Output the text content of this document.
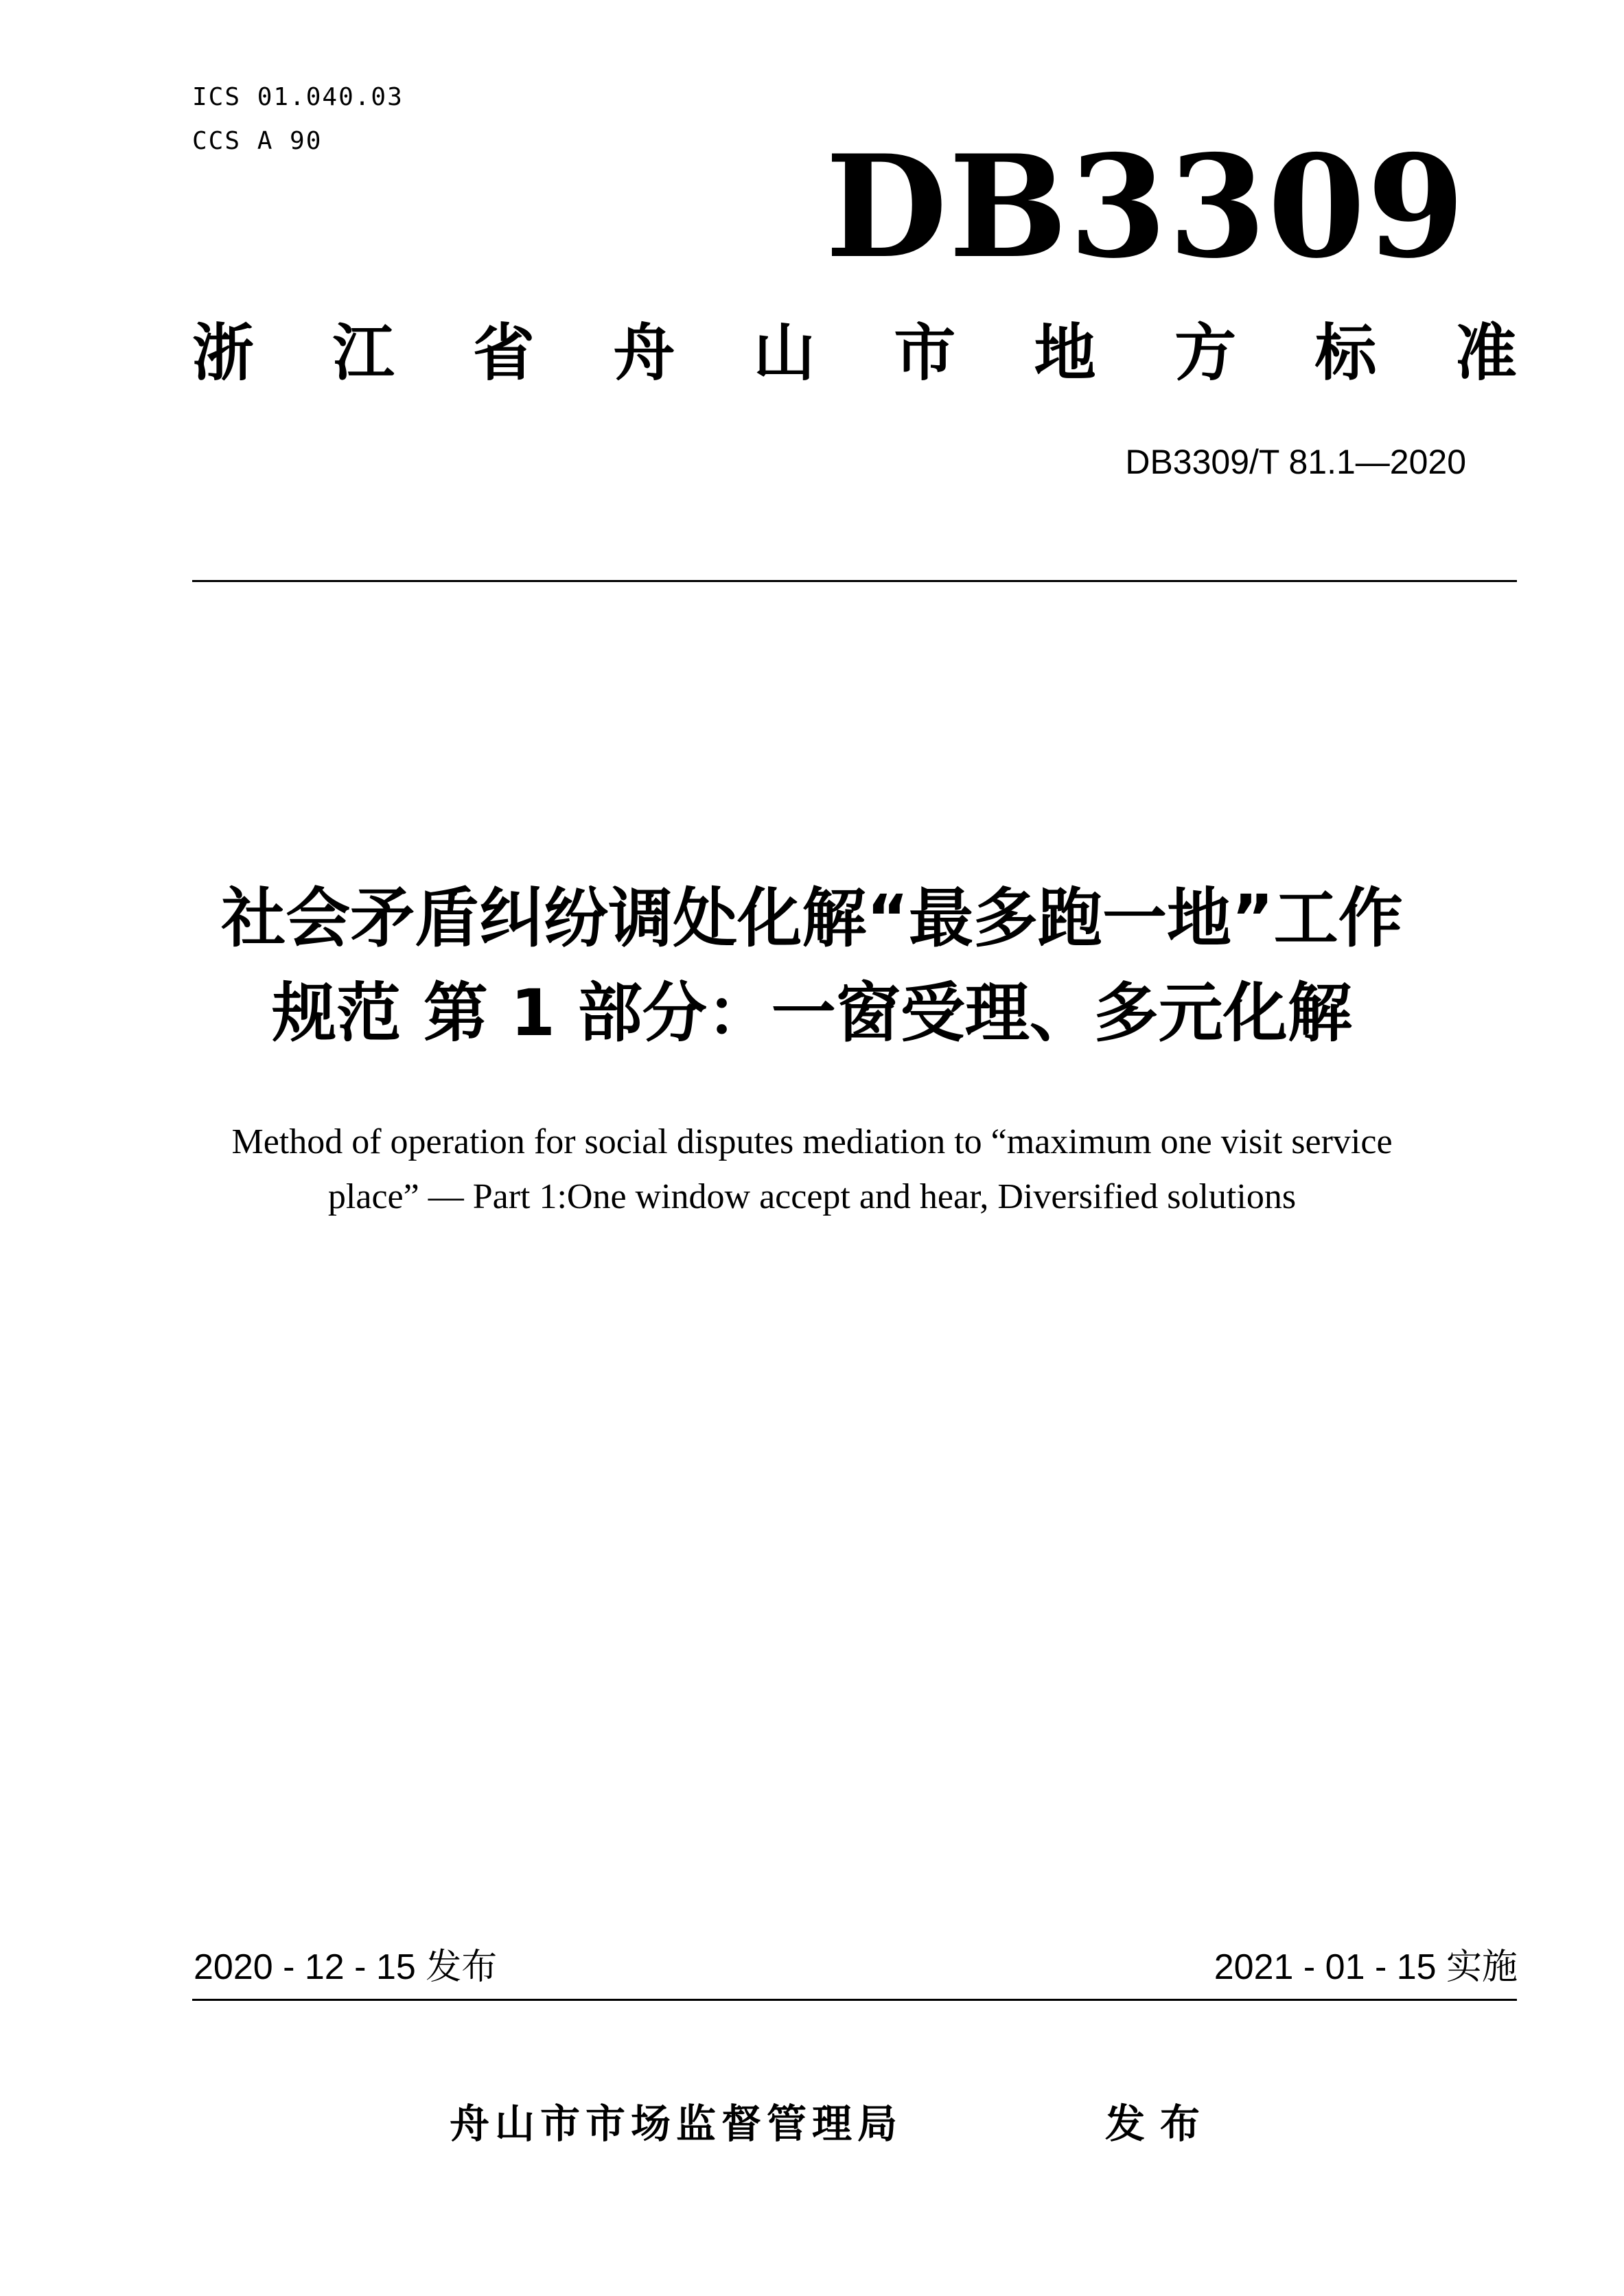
ICS 01.040.03
CCS A 90	DB3309
浙 江 省 舟 山 市 地 方 标 准
DB3309/T 81.1—2020
社会矛盾纠纷调处化解“最多跑一地”工作
规范 第 1 部分：一窗受理、多元化解
Method of operation for social disputes mediation to “maximum one visit service
place” — Part 1:One window accept and hear, Diversified solutions
2020 - 12 - 15 发布	2021 - 01 - 15 实施
舟山市市场监督管理局	发布
